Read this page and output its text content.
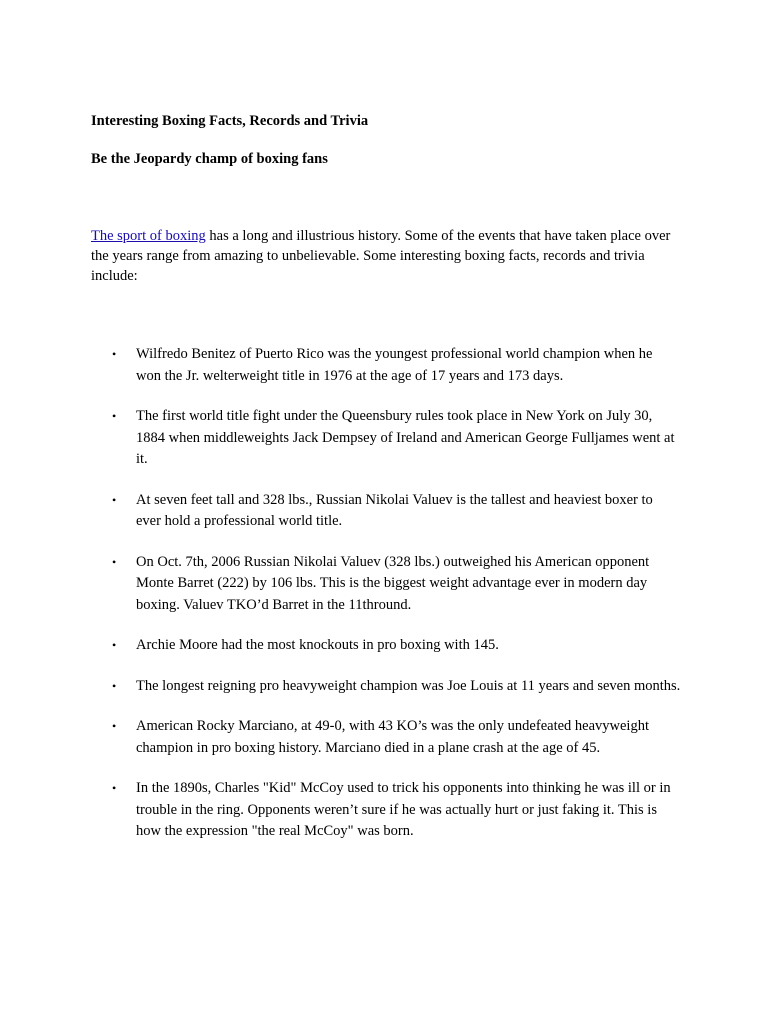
Interesting Boxing Facts, Records and Trivia
Be the Jeopardy champ of boxing fans
The sport of boxing has a long and illustrious history. Some of the events that have taken place over the years range from amazing to unbelievable. Some interesting boxing facts, records and trivia include:
• Wilfredo Benitez of Puerto Rico was the youngest professional world champion when he won the Jr. welterweight title in 1976 at the age of 17 years and 173 days.
• The first world title fight under the Queensbury rules took place in New York on July 30, 1884 when middleweights Jack Dempsey of Ireland and American George Fulljames went at it.
• At seven feet tall and 328 lbs., Russian Nikolai Valuev is the tallest and heaviest boxer to ever hold a professional world title.
• On Oct. 7th, 2006 Russian Nikolai Valuev (328 lbs.) outweighed his American opponent Monte Barret (222) by 106 lbs. This is the biggest weight advantage ever in modern day boxing. Valuev TKO’d Barret in the 11thround.
• Archie Moore had the most knockouts in pro boxing with 145.
• The longest reigning pro heavyweight champion was Joe Louis at 11 years and seven months.
• American Rocky Marciano, at 49-0, with 43 KO’s was the only undefeated heavyweight champion in pro boxing history. Marciano died in a plane crash at the age of 45.
• In the 1890s, Charles "Kid" McCoy used to trick his opponents into thinking he was ill or in trouble in the ring. Opponents weren’t sure if he was actually hurt or just faking it. This is how the expression "the real McCoy" was born.
